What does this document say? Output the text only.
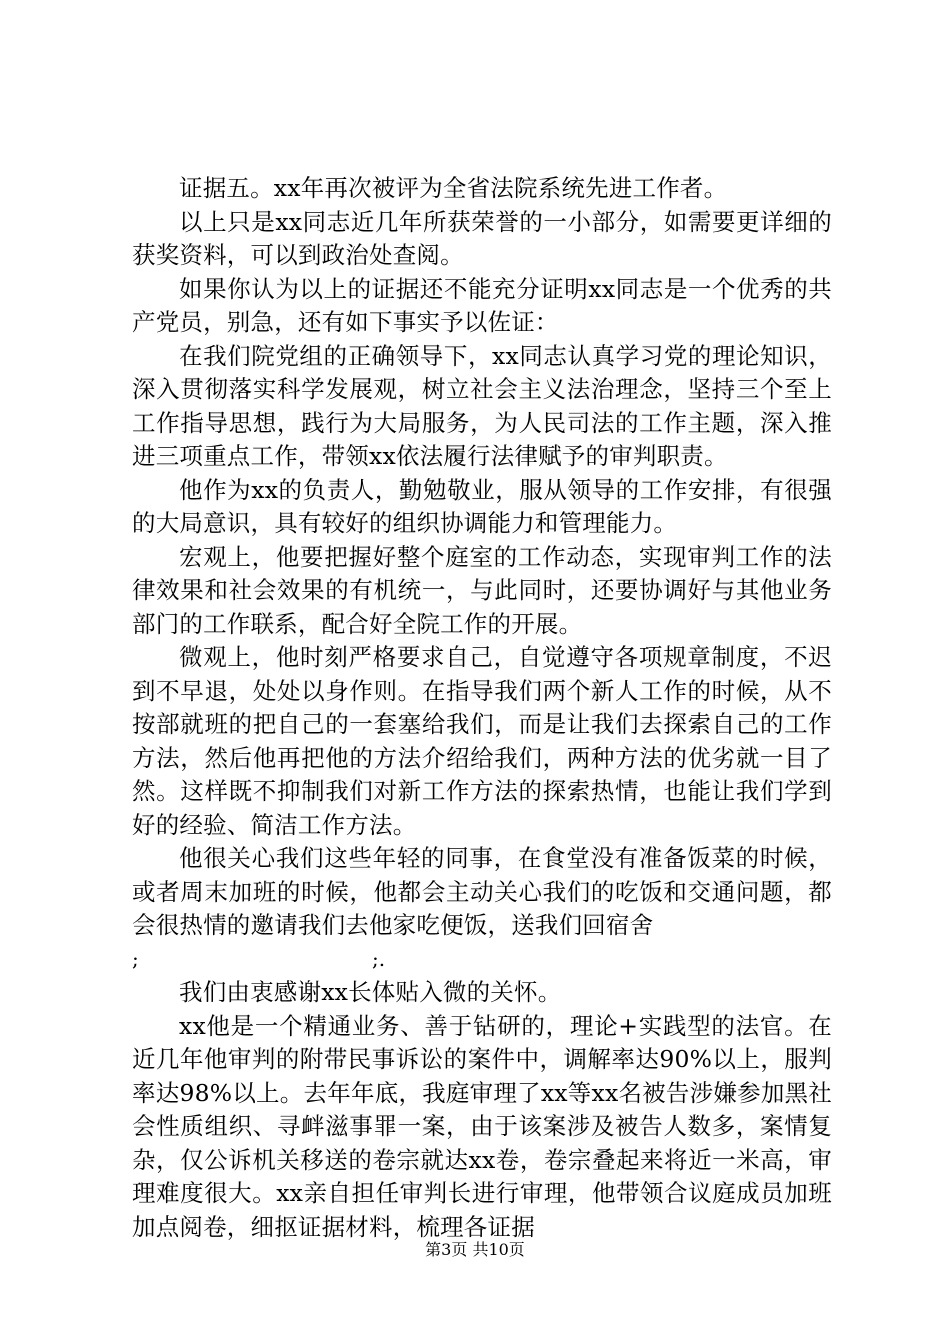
证据五。xx年再次被评为全省法院系统先进工作者。

以上只是xx同志近几年所获荣誉的一小部分，如需要更详细的获奖资料，可以到政治处查阅。

如果你认为以上的证据还不能充分证明xx同志是一个优秀的共产党员，别急，还有如下事实予以佐证：

在我们院党组的正确领导下，xx同志认真学习党的理论知识，深入贯彻落实科学发展观，树立社会主义法治理念，坚持三个至上工作指导思想，践行为大局服务，为人民司法的工作主题，深入推进三项重点工作，带领xx依法履行法律赋予的审判职责。

他作为xx的负责人，勤勉敬业，服从领导的工作安排，有很强的大局意识，具有较好的组织协调能力和管理能力。

宏观上，他要把握好整个庭室的工作动态，实现审判工作的法律效果和社会效果的有机统一，与此同时，还要协调好与其他业务部门的工作联系，配合好全院工作的开展。

微观上，他时刻严格要求自己，自觉遵守各项规章制度，不迟到不早退，处处以身作则。在指导我们两个新人工作的时候，从不按部就班的把自己的一套塞给我们，而是让我们去探索自己的工作方法，然后他再把他的方法介绍给我们，两种方法的优劣就一目了然。这样既不抑制我们对新工作方法的探索热情，也能让我们学到好的经验、简洁工作方法。

他很关心我们这些年轻的同事，在食堂没有准备饭菜的时候，或者周末加班的时候，他都会主动关心我们的吃饭和交通问题，都会很热情的邀请我们去他家吃便饭，送我们回宿舍

;	;.

我们由衷感谢xx长体贴入微的关怀。

xx他是一个精通业务、善于钻研的，理论+实践型的法官。在近几年他审判的附带民事诉讼的案件中，调解率达90%以上，服判率达98%以上。去年年底，我庭审理了xx等xx名被告涉嫌参加黑社会性质组织、寻衅滋事罪一案，由于该案涉及被告人数多，案情复杂，仅公诉机关移送的卷宗就达xx卷，卷宗叠起来将近一米高，审理难度很大。xx亲自担任审判长进行审理，他带领合议庭成员加班加点阅卷，细抠证据材料，梳理各证据

第3页 共10页
